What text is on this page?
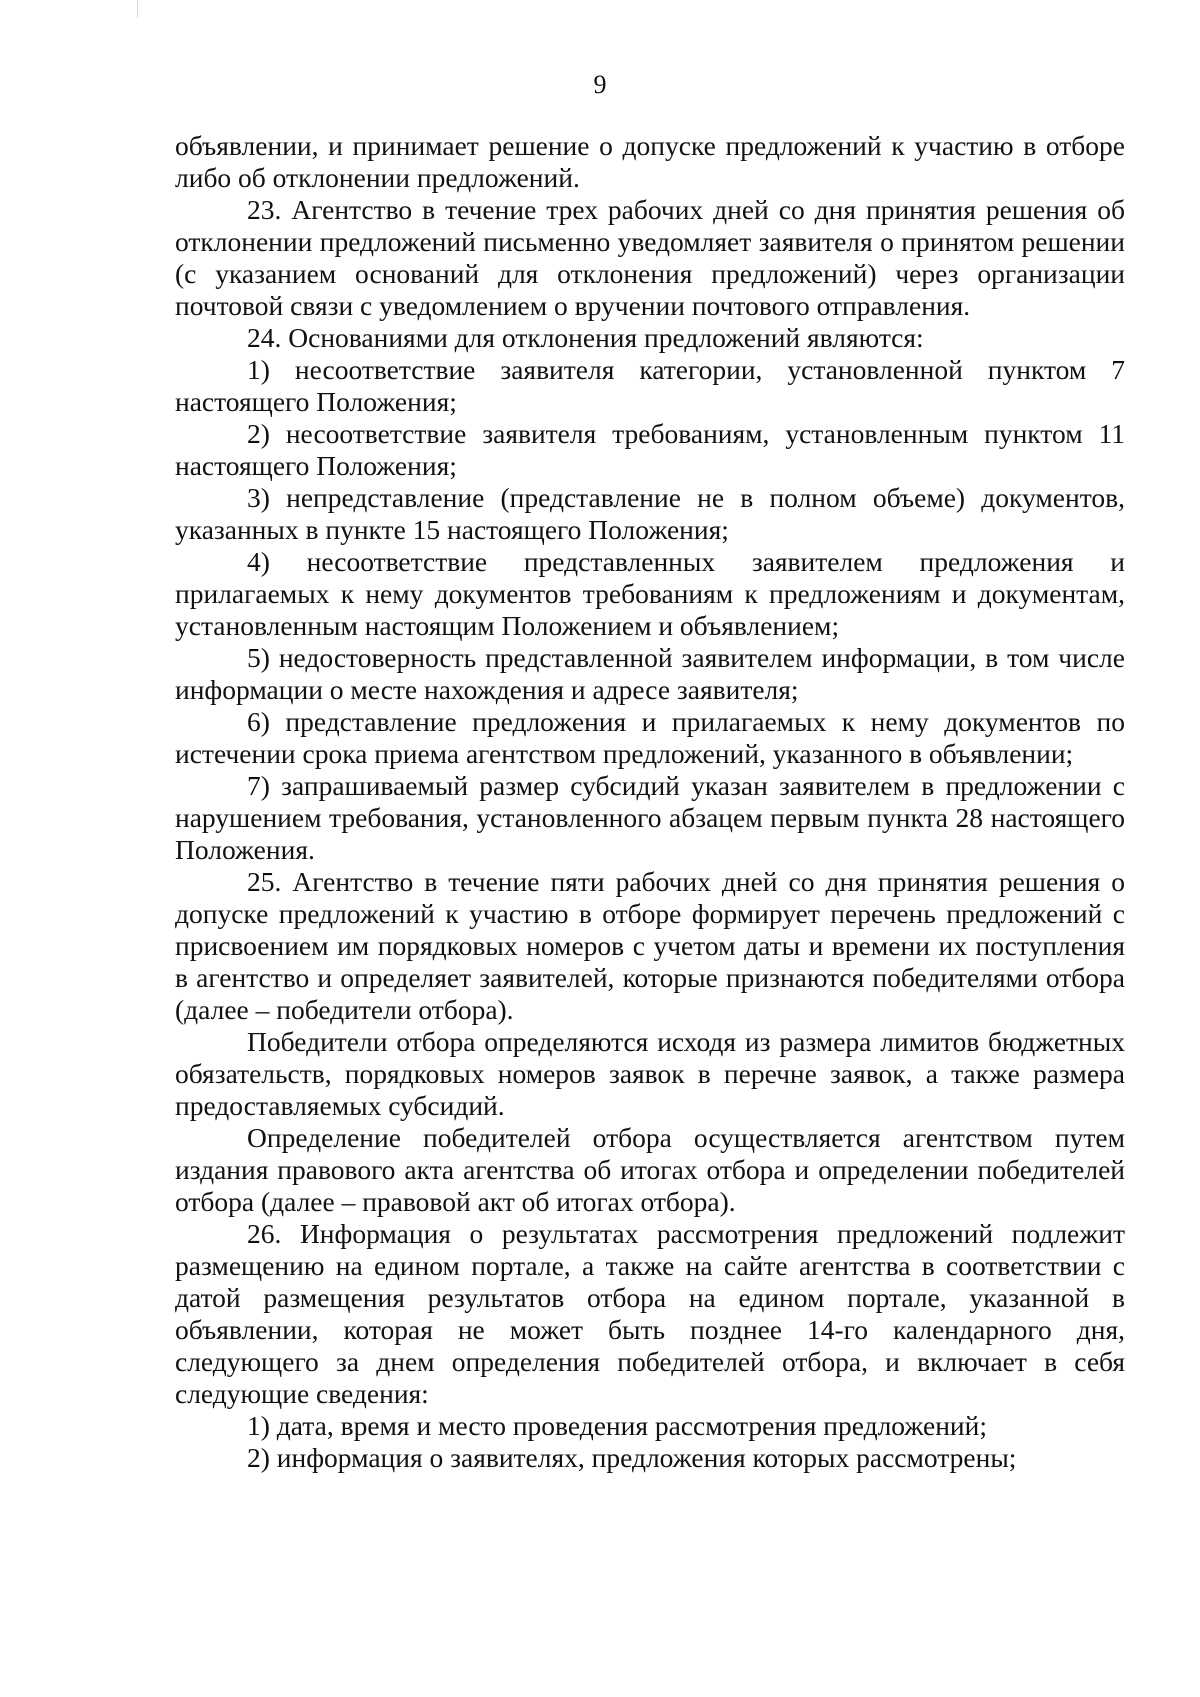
9

объявлении, и принимает решение о допуске предложений к участию в отборе либо об отклонении предложений.

23. Агентство в течение трех рабочих дней со дня принятия решения об отклонении предложений письменно уведомляет заявителя о принятом решении (с указанием оснований для отклонения предложений) через организации почтовой связи с уведомлением о вручении почтового отправления.

24. Основаниями для отклонения предложений являются:

1) несоответствие заявителя категории, установленной пунктом 7 настоящего Положения;

2) несоответствие заявителя требованиям, установленным пунктом 11 настоящего Положения;

3) непредставление (представление не в полном объеме) документов, указанных в пункте 15 настоящего Положения;

4) несоответствие представленных заявителем предложения и прилагаемых к нему документов требованиям к предложениям и документам, установленным настоящим Положением и объявлением;

5) недостоверность представленной заявителем информации, в том числе информации о месте нахождения и адресе заявителя;

6) представление предложения и прилагаемых к нему документов по истечении срока приема агентством предложений, указанного в объявлении;

7) запрашиваемый размер субсидий указан заявителем в предложении с нарушением требования, установленного абзацем первым пункта 28 настоящего Положения.

25. Агентство в течение пяти рабочих дней со дня принятия решения о допуске предложений к участию в отборе формирует перечень предложений с присвоением им порядковых номеров с учетом даты и времени их поступления в агентство и определяет заявителей, которые признаются победителями отбора (далее – победители отбора).

Победители отбора определяются исходя из размера лимитов бюджетных обязательств, порядковых номеров заявок в перечне заявок, а также размера предоставляемых субсидий.

Определение победителей отбора осуществляется агентством путем издания правового акта агентства об итогах отбора и определении победителей отбора (далее – правовой акт об итогах отбора).

26. Информация о результатах рассмотрения предложений подлежит размещению на едином портале, а также на сайте агентства в соответствии с датой размещения результатов отбора на едином портале, указанной в объявлении, которая не может быть позднее 14-го календарного дня, следующего за днем определения победителей отбора, и включает в себя следующие сведения:

1) дата, время и место проведения рассмотрения предложений;

2) информация о заявителях, предложения которых рассмотрены;
